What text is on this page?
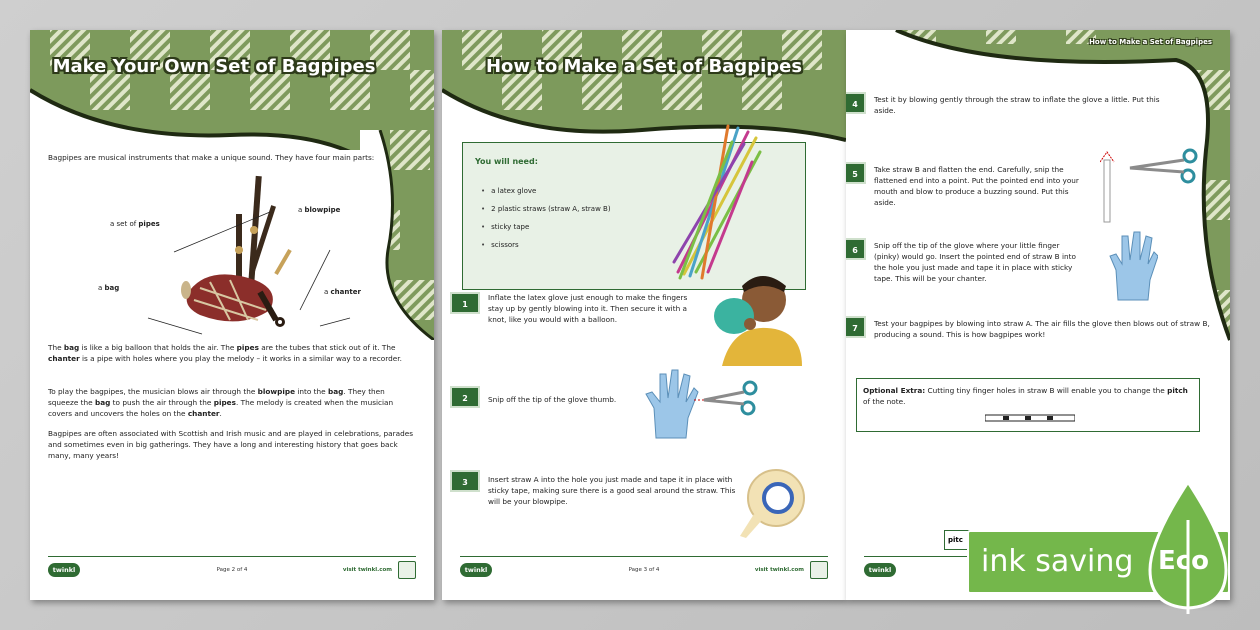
Make Your Own Set of Bagpipes
Bagpipes are musical instruments that make a unique sound. They have four main parts:
a set of pipes
a blowpipe
a bag	a chanter
The bag is like a big balloon that holds the air. The pipes are the tubes that stick out of it. The chanter is a pipe with holes where you play the melody – it works in a similar way to a recorder.
To play the bagpipes, the musician blows air through the blowpipe into the bag. They then squeeze the bag to push the air through the pipes. The melody is created when the musician covers and uncovers the holes on the chanter.
Bagpipes are often associated with Scottish and Irish music and are played in celebrations, parades and sometimes even in big gatherings. They have a long and interesting history that goes back many, many years!
twinkl	Page 2 of 4	visit twinkl.com
How to Make a Set of Bagpipes
You will need:
• a latex glove
• 2 plastic straws (straw A, straw B)
• sticky tape
• scissors
1
Inflate the latex glove just enough to make the fingers stay up by gently blowing into it. Then secure it with a knot, like you would with a balloon.
2	Snip off the tip of the glove thumb.
3	Insert straw A into the hole you just made and tape it in place with sticky tape, making sure there is a good seal around the straw. This will be your blowpipe.
twinkl	Page 3 of 4	visit twinkl.com
How to Make a Set of Bagpipes
4
Test it by blowing gently through the straw to inflate the glove a little. Put this aside.
5
Take straw B and flatten the end. Carefully, snip the flattened end into a point. Put the pointed end into your mouth and blow to produce a buzzing sound. Put this aside.
6
Snip off the tip of the glove where your little finger (pinky) would go. Insert the pointed end of straw B into the hole you just made and tape it in place with sticky tape. This will be your chanter.
7
Test your bagpipes by blowing into straw A. The air fills the glove then blows out of straw B, producing a sound. This is how bagpipes work!
Optional Extra: Cutting tiny finger holes in straw B will enable you to change the pitch of the note.
pitc
twinkl	ink saving Eco
